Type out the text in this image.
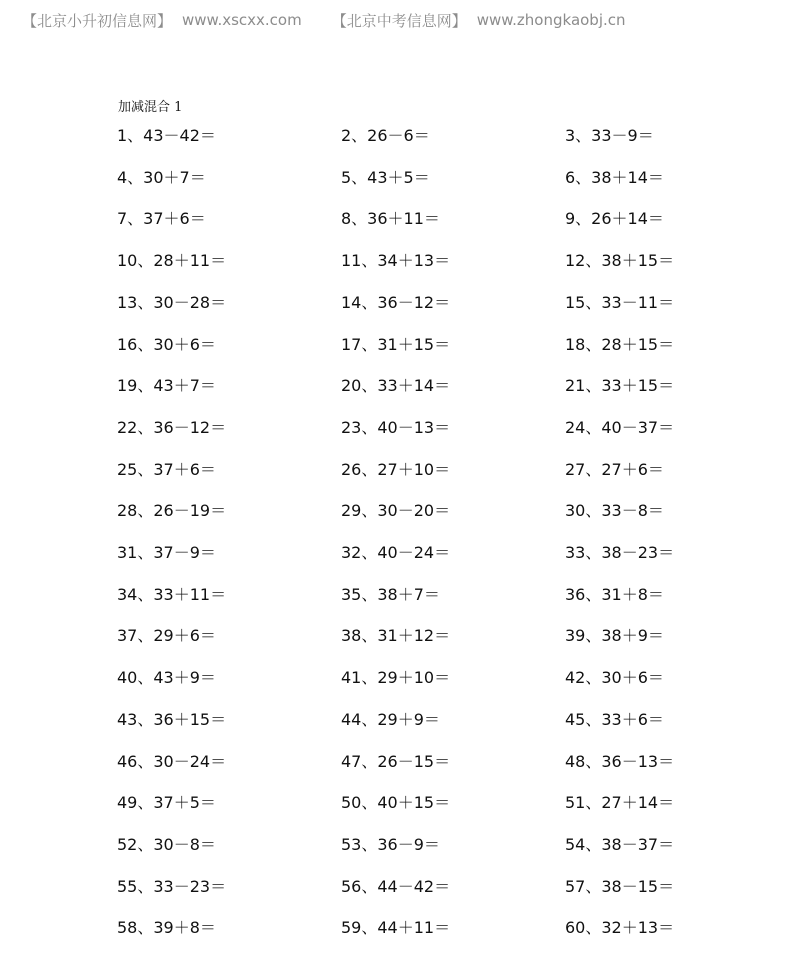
【北京小升初信息网】 www.xscxx.com 【北京中考信息网】 www.zhongkaobj.cn
加减混合 1
1、43－42＝	2、26－6＝	3、33－9＝
4、30＋7＝	5、43＋5＝	6、38＋14＝
7、37＋6＝	8、36＋11＝	9、26＋14＝
10、28＋11＝	11、34＋13＝	12、38＋15＝
13、30－28＝	14、36－12＝	15、33－11＝
16、30＋6＝	17、31＋15＝	18、28＋15＝
19、43＋7＝	20、33＋14＝	21、33＋15＝
22、36－12＝	23、40－13＝	24、40－37＝
25、37＋6＝	26、27＋10＝	27、27＋6＝
28、26－19＝	29、30－20＝	30、33－8＝
31、37－9＝	32、40－24＝	33、38－23＝
34、33＋11＝	35、38＋7＝	36、31＋8＝
37、29＋6＝	38、31＋12＝	39、38＋9＝
40、43＋9＝	41、29＋10＝	42、30＋6＝
43、36＋15＝	44、29＋9＝	45、33＋6＝
46、30－24＝	47、26－15＝	48、36－13＝
49、37＋5＝	50、40＋15＝	51、27＋14＝
52、30－8＝	53、36－9＝	54、38－37＝
55、33－23＝	56、44－42＝	57、38－15＝
58、39＋8＝	59、44＋11＝	60、32＋13＝
